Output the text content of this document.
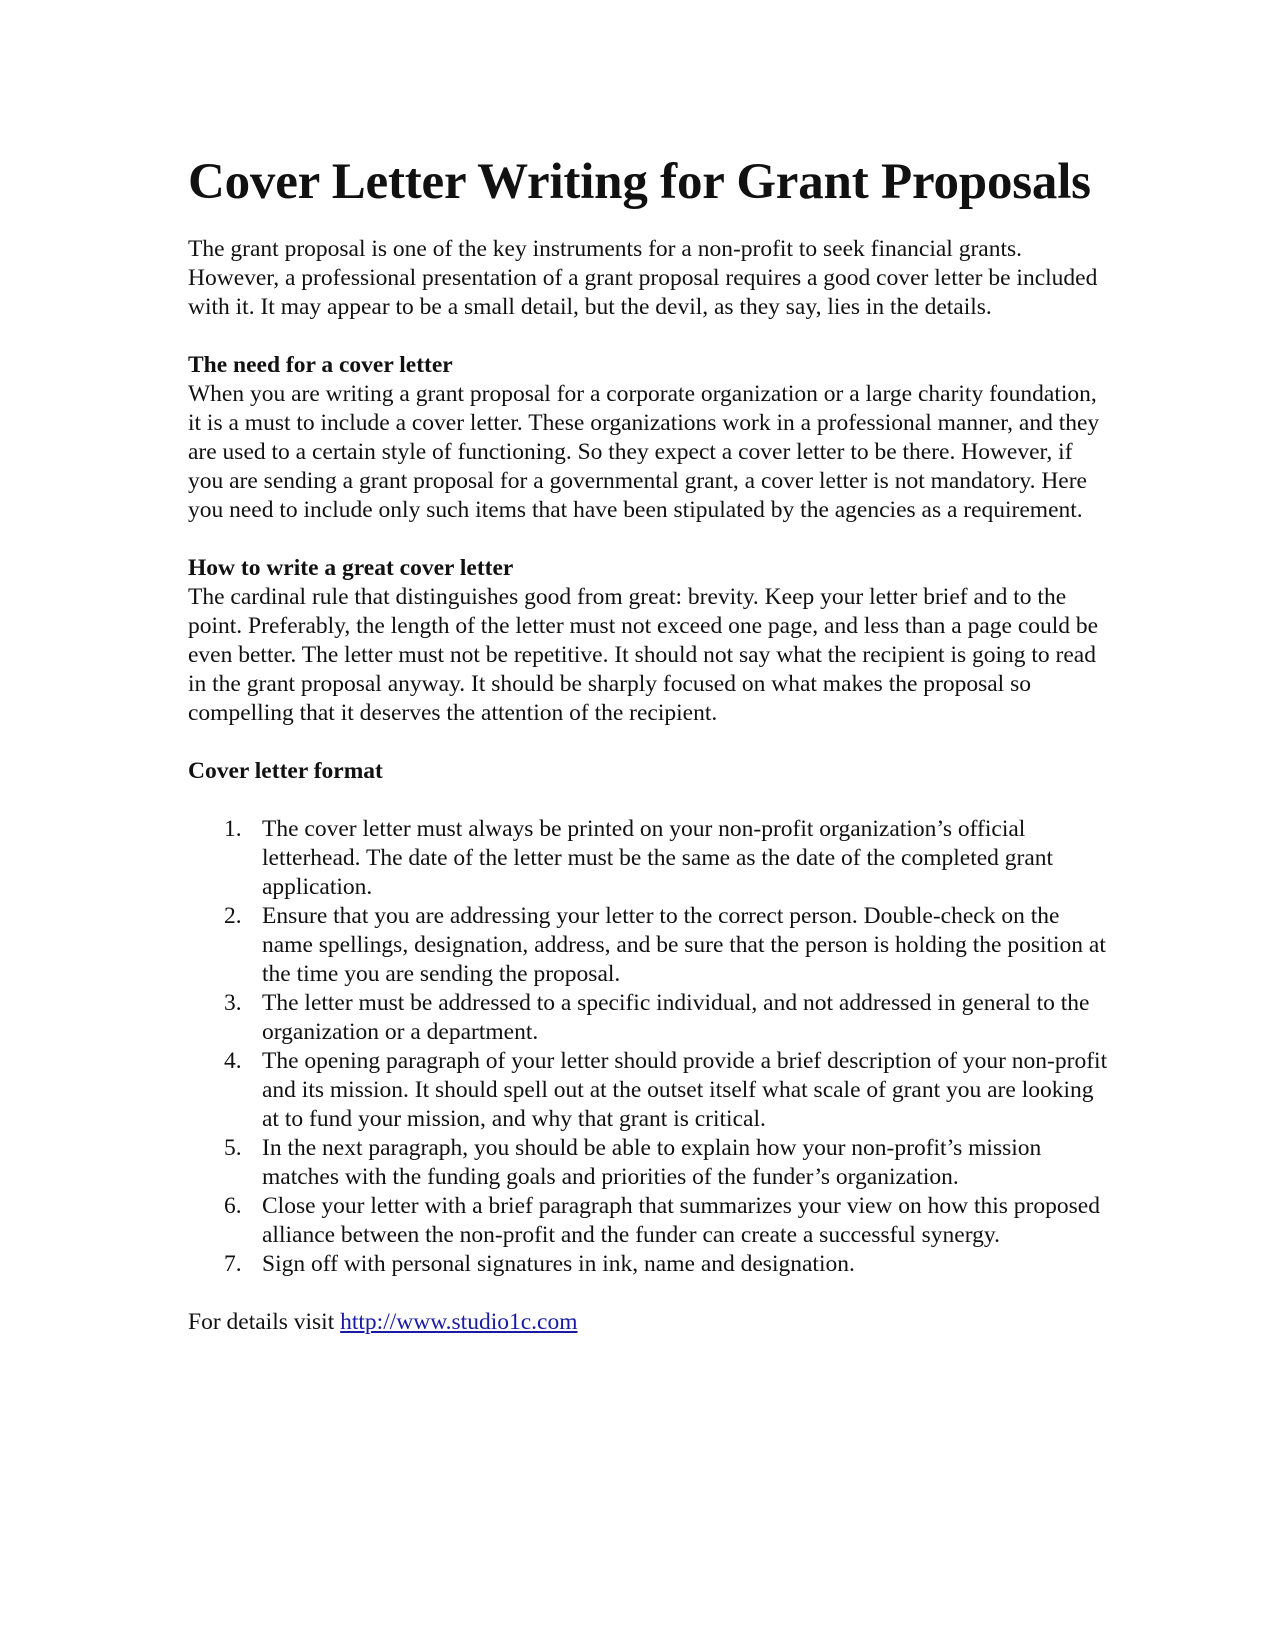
Cover Letter Writing for Grant Proposals

The grant proposal is one of the key instruments for a non-profit to seek financial grants. However, a professional presentation of a grant proposal requires a good cover letter be included with it. It may appear to be a small detail, but the devil, as they say, lies in the details.

The need for a cover letter

When you are writing a grant proposal for a corporate organization or a large charity foundation, it is a must to include a cover letter. These organizations work in a professional manner, and they are used to a certain style of functioning. So they expect a cover letter to be there. However, if you are sending a grant proposal for a governmental grant, a cover letter is not mandatory. Here you need to include only such items that have been stipulated by the agencies as a requirement.

How to write a great cover letter

The cardinal rule that distinguishes good from great: brevity. Keep your letter brief and to the point. Preferably, the length of the letter must not exceed one page, and less than a page could be even better. The letter must not be repetitive. It should not say what the recipient is going to read in the grant proposal anyway. It should be sharply focused on what makes the proposal so compelling that it deserves the attention of the recipient.

Cover letter format
1. The cover letter must always be printed on your non-profit organization’s official letterhead. The date of the letter must be the same as the date of the completed grant application.
2. Ensure that you are addressing your letter to the correct person. Double-check on the name spellings, designation, address, and be sure that the person is holding the position at the time you are sending the proposal.
3. The letter must be addressed to a specific individual, and not addressed in general to the organization or a department.
4. The opening paragraph of your letter should provide a brief description of your non-profit and its mission. It should spell out at the outset itself what scale of grant you are looking at to fund your mission, and why that grant is critical.
5. In the next paragraph, you should be able to explain how your non-profit’s mission matches with the funding goals and priorities of the funder’s organization.
6. Close your letter with a brief paragraph that summarizes your view on how this proposed alliance between the non-profit and the funder can create a successful synergy.
7. Sign off with personal signatures in ink, name and designation.

For details visit http://www.studio1c.com
